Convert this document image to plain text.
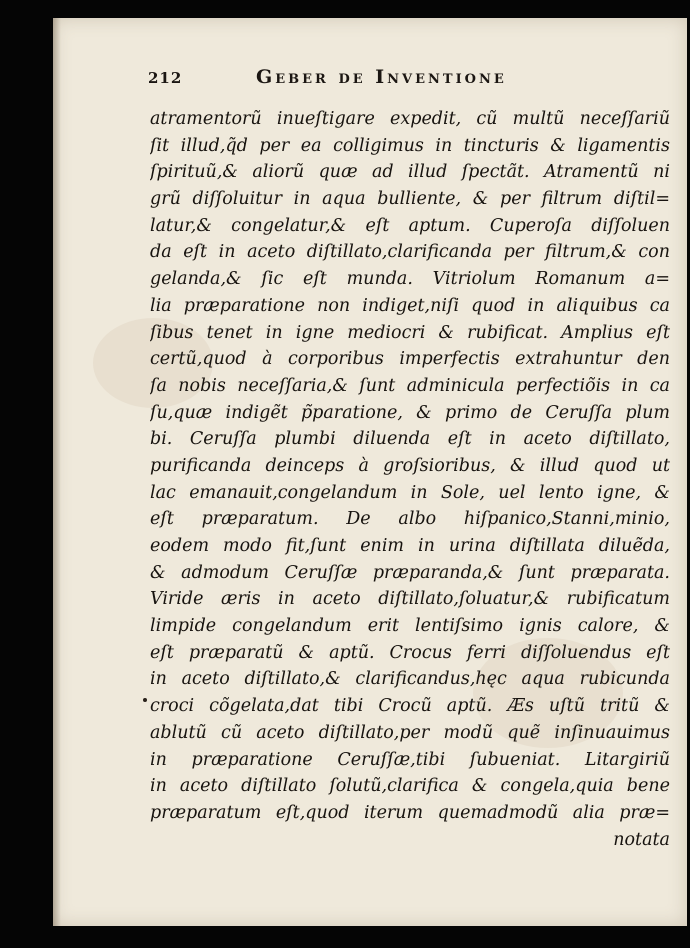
212	Geber de Inventione
atramentorũ inueſtigare expedit, cũ multũ neceſſariũ
ſit illud,q̃d per ea colligimus in tincturis & ligamentis
ſpirituũ,& aliorũ quæ ad illud ſpectãt. Atramentũ ni
grũ diſſoluitur in aqua bulliente, & per filtrum diſtil=
latur,& congelatur,& eſt aptum. Cuperoſa diſſoluen
da eſt in aceto diſtillato,clarificanda per filtrum,& con
gelanda,& ſic eſt munda. Vitriolum Romanum a=
lia præparatione non indiget,niſi quod in aliquibus ca
ſibus tenet in igne mediocri & rubificat. Amplius eſt
certũ,quod à corporibus imperfectis extrahuntur den
ſa nobis neceſſaria,& ſunt adminicula perfectiõis in ca
ſu,quæ indigẽt p̃paratione, & primo de Ceruſſa plum
bi. Ceruſſa plumbi diluenda eſt in aceto diſtillato,
purificanda deinceps à groſsioribus, & illud quod ut
lac emanauit,congelandum in Sole, uel lento igne, &
eſt præparatum. De albo hiſpanico,Stanni,minio,
eodem modo fit,ſunt enim in urina diſtillata diluẽda,
& admodum Ceruſſæ præparanda,& ſunt præparata.
Viride æris in aceto diſtillato,ſoluatur,& rubificatum
limpide congelandum erit lentiſsimo ignis calore, &
eſt præparatũ & aptũ. Crocus ferri diſſoluendus eſt
in aceto diſtillato,& clarificandus,hęc aqua rubicunda
croci cõgelata,dat tibi Crocũ aptũ. Æs uſtũ tritũ &
ablutũ cũ aceto diſtillato,per modũ quẽ inſinuauimus
in præparatione Ceruſſæ,tibi ſubueniat. Litargiriũ
in aceto diſtillato ſolutũ,clarifica & congela,quia bene
præparatum eſt,quod iterum quemadmodũ alia præ=
notata
